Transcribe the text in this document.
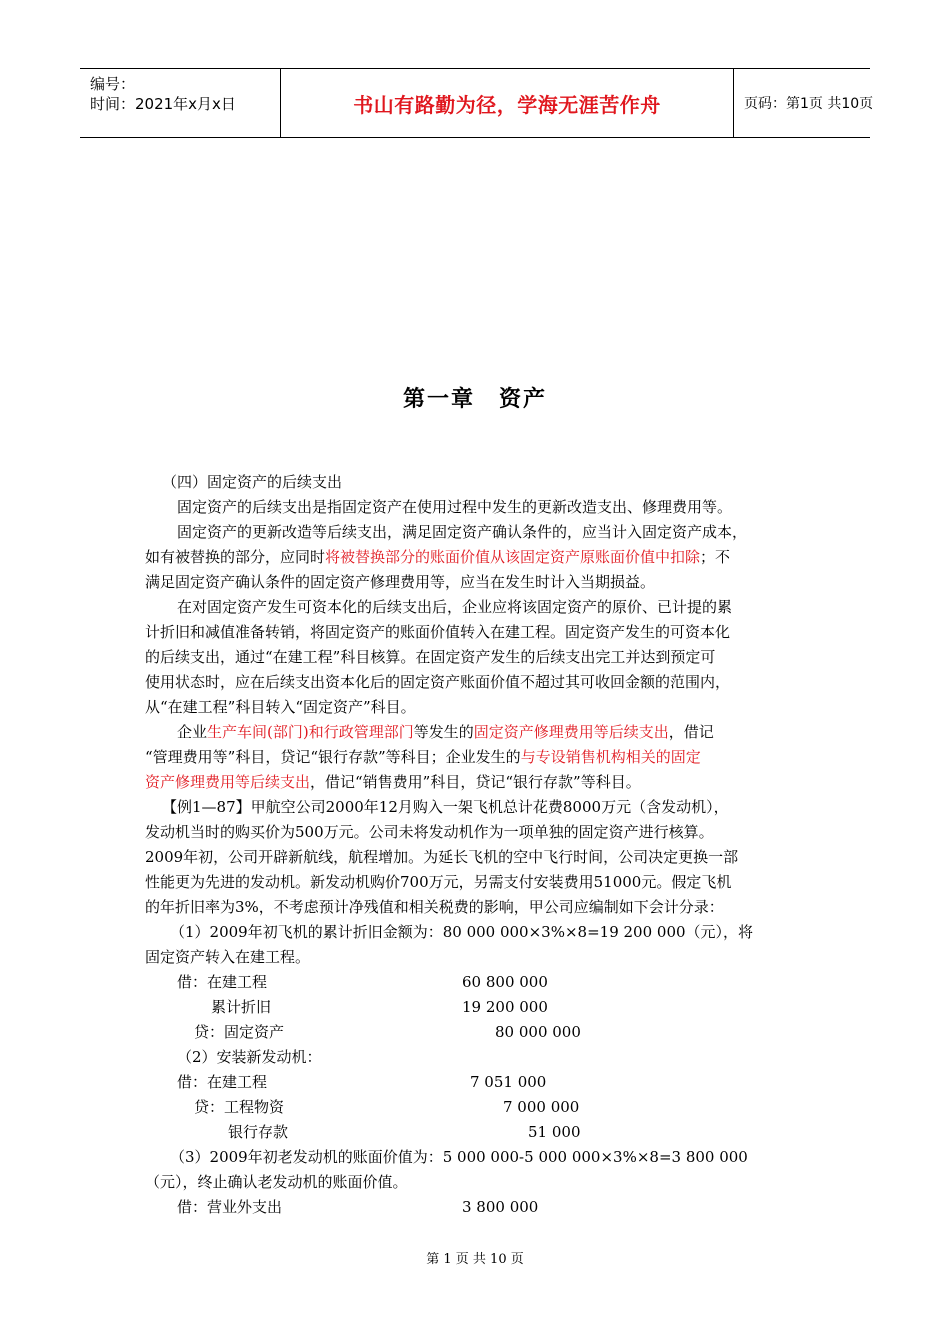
编号：
时间：2021年x月x日	书山有路勤为径，学海无涯苦作舟	页码：第1页 共10页
第一章　资产
（四）固定资产的后续支出
固定资产的后续支出是指固定资产在使用过程中发生的更新改造支出、修理费用等。
固定资产的更新改造等后续支出，满足固定资产确认条件的，应当计入固定资产成本，
如有被替换的部分，应同时将被替换部分的账面价值从该固定资产原账面价值中扣除；不
满足固定资产确认条件的固定资产修理费用等，应当在发生时计入当期损益。
在对固定资产发生可资本化的后续支出后，企业应将该固定资产的原价、已计提的累
计折旧和减值准备转销，将固定资产的账面价值转入在建工程。固定资产发生的可资本化
的后续支出，通过“在建工程”科目核算。在固定资产发生的后续支出完工并达到预定可
使用状态时，应在后续支出资本化后的固定资产账面价值不超过其可收回金额的范围内，
从“在建工程”科目转入“固定资产”科目。
企业生产车间(部门)和行政管理部门等发生的固定资产修理费用等后续支出，借记
“管理费用等”科目，贷记“银行存款”等科目；企业发生的与专设销售机构相关的固定
资产修理费用等后续支出，借记“销售费用”科目，贷记“银行存款”等科目。
【例1—87】甲航空公司2000年12月购入一架飞机总计花费8000万元（含发动机），
发动机当时的购买价为500万元。公司未将发动机作为一项单独的固定资产进行核算。
2009年初，公司开辟新航线，航程增加。为延长飞机的空中飞行时间，公司决定更换一部
性能更为先进的发动机。新发动机购价700万元，另需支付安装费用51000元。假定飞机
的年折旧率为3%，不考虑预计净残值和相关税费的影响，甲公司应编制如下会计分录：
（1）2009年初飞机的累计折旧金额为：80 000 000×3%×8=19 200 000（元），将
固定资产转入在建工程。
借：在建工程	60 800 000
累计折旧	19 200 000
贷：固定资产	80 000 000
（2）安装新发动机：
借：在建工程	7 051 000
贷：工程物资	7 000 000
银行存款	51 000
（3）2009年初老发动机的账面价值为：5 000 000-5 000 000×3%×8=3 800 000
（元），终止确认老发动机的账面价值。
借：营业外支出	3 800 000
第 1 页 共 10 页
